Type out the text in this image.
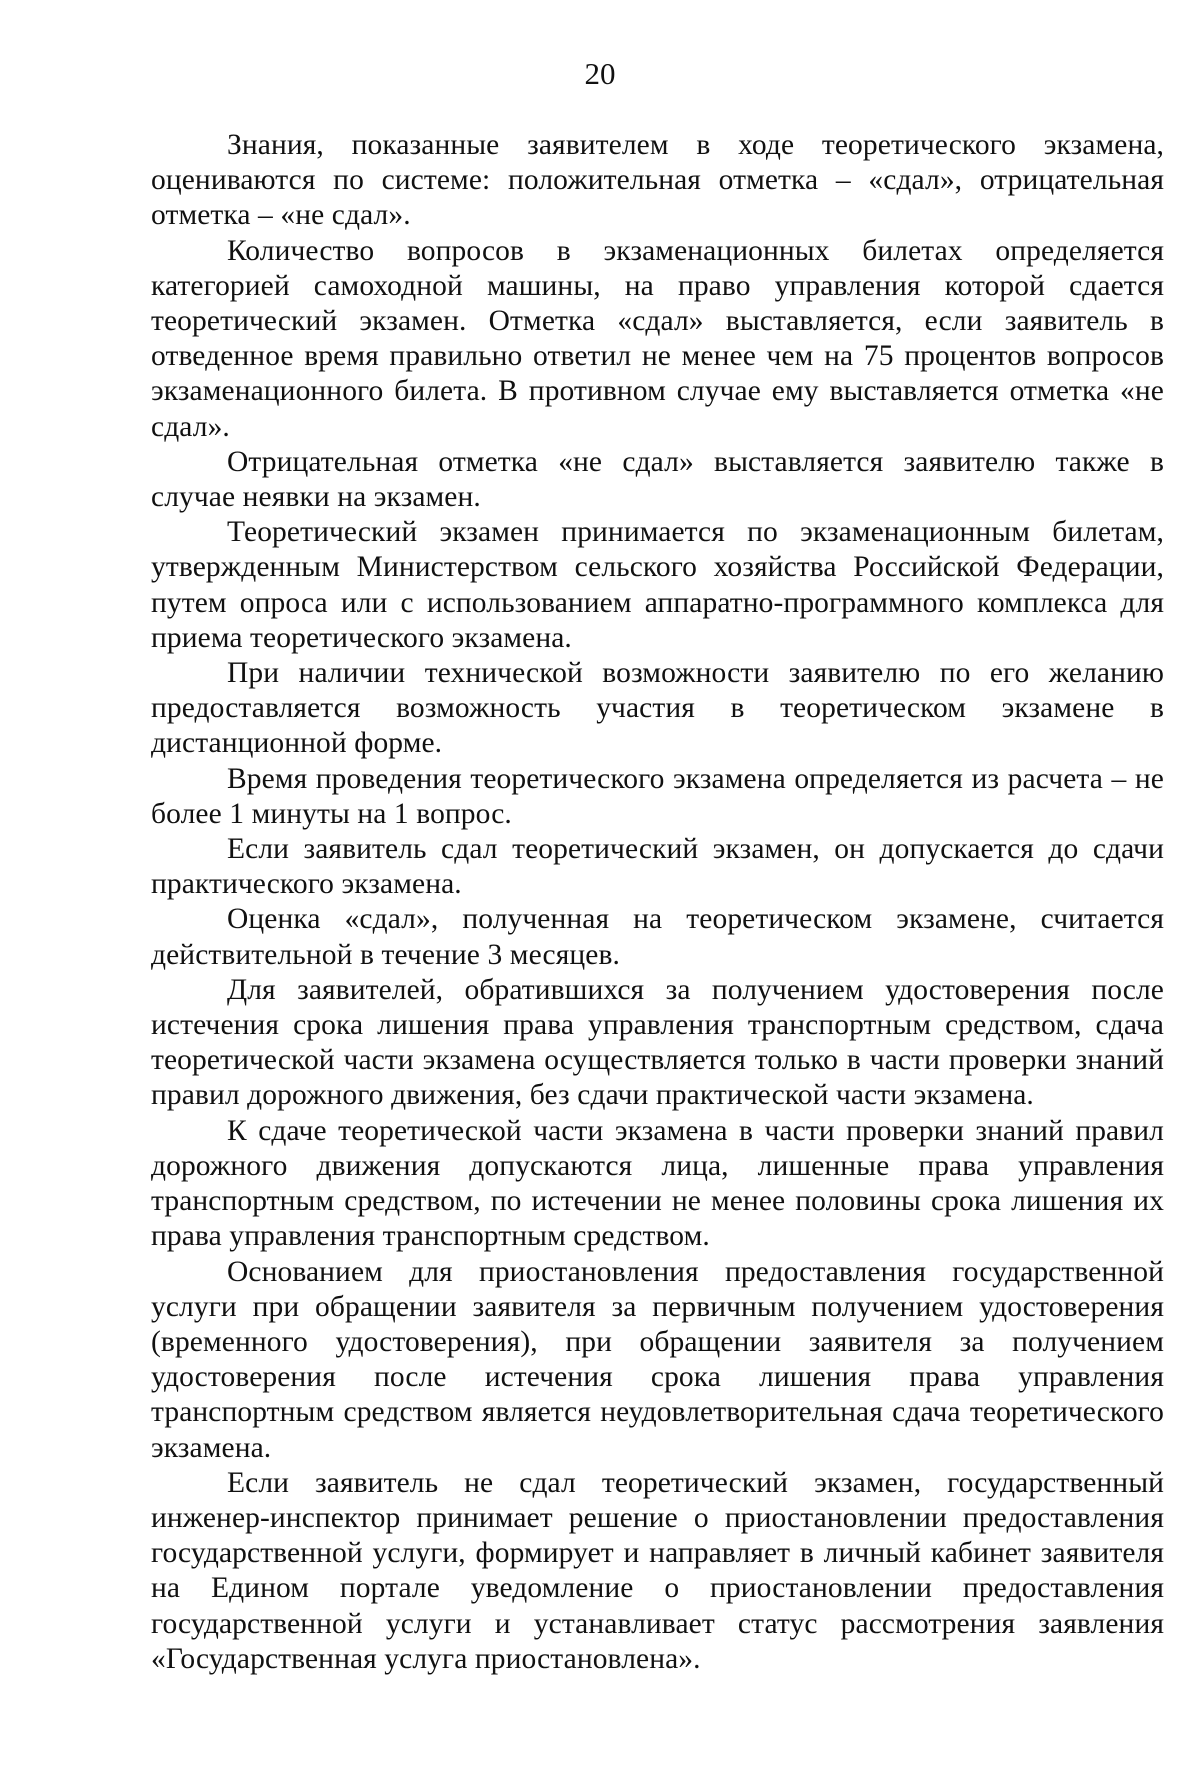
20

Знания, показанные заявителем в ходе теоретического экзамена, оцениваются по системе: положительная отметка – «сдал», отрицательная отметка – «не сдал».

Количество вопросов в экзаменационных билетах определяется категорией самоходной машины, на право управления которой сдается теоретический экзамен. Отметка «сдал» выставляется, если заявитель в отведенное время правильно ответил не менее чем на 75 процентов вопросов экзаменационного билета. В противном случае ему выставляется отметка «не сдал».

Отрицательная отметка «не сдал» выставляется заявителю также в случае неявки на экзамен.

Теоретический экзамен принимается по экзаменационным билетам, утвержденным Министерством сельского хозяйства Российской Федерации, путем опроса или с использованием аппаратно-программного комплекса для приема теоретического экзамена.

При наличии технической возможности заявителю по его желанию предоставляется возможность участия в теоретическом экзамене в дистанционной форме.

Время проведения теоретического экзамена определяется из расчета – не более 1 минуты на 1 вопрос.

Если заявитель сдал теоретический экзамен, он допускается до сдачи практического экзамена.

Оценка «сдал», полученная на теоретическом экзамене, считается действительной в течение 3 месяцев.

Для заявителей, обратившихся за получением удостоверения после истечения срока лишения права управления транспортным средством, сдача теоретической части экзамена осуществляется только в части проверки знаний правил дорожного движения, без сдачи практической части экзамена.

К сдаче теоретической части экзамена в части проверки знаний правил дорожного движения допускаются лица, лишенные права управления транспортным средством, по истечении не менее половины срока лишения их права управления транспортным средством.

Основанием для приостановления предоставления государственной услуги при обращении заявителя за первичным получением удостоверения (временного удостоверения), при обращении заявителя за получением удостоверения после истечения срока лишения права управления транспортным средством является неудовлетворительная сдача теоретического экзамена.

Если заявитель не сдал теоретический экзамен, государственный инженер-инспектор принимает решение о приостановлении предоставления государственной услуги, формирует и направляет в личный кабинет заявителя на Едином портале уведомление о приостановлении предоставления государственной услуги и устанавливает статус рассмотрения заявления «Государственная услуга приостановлена».
